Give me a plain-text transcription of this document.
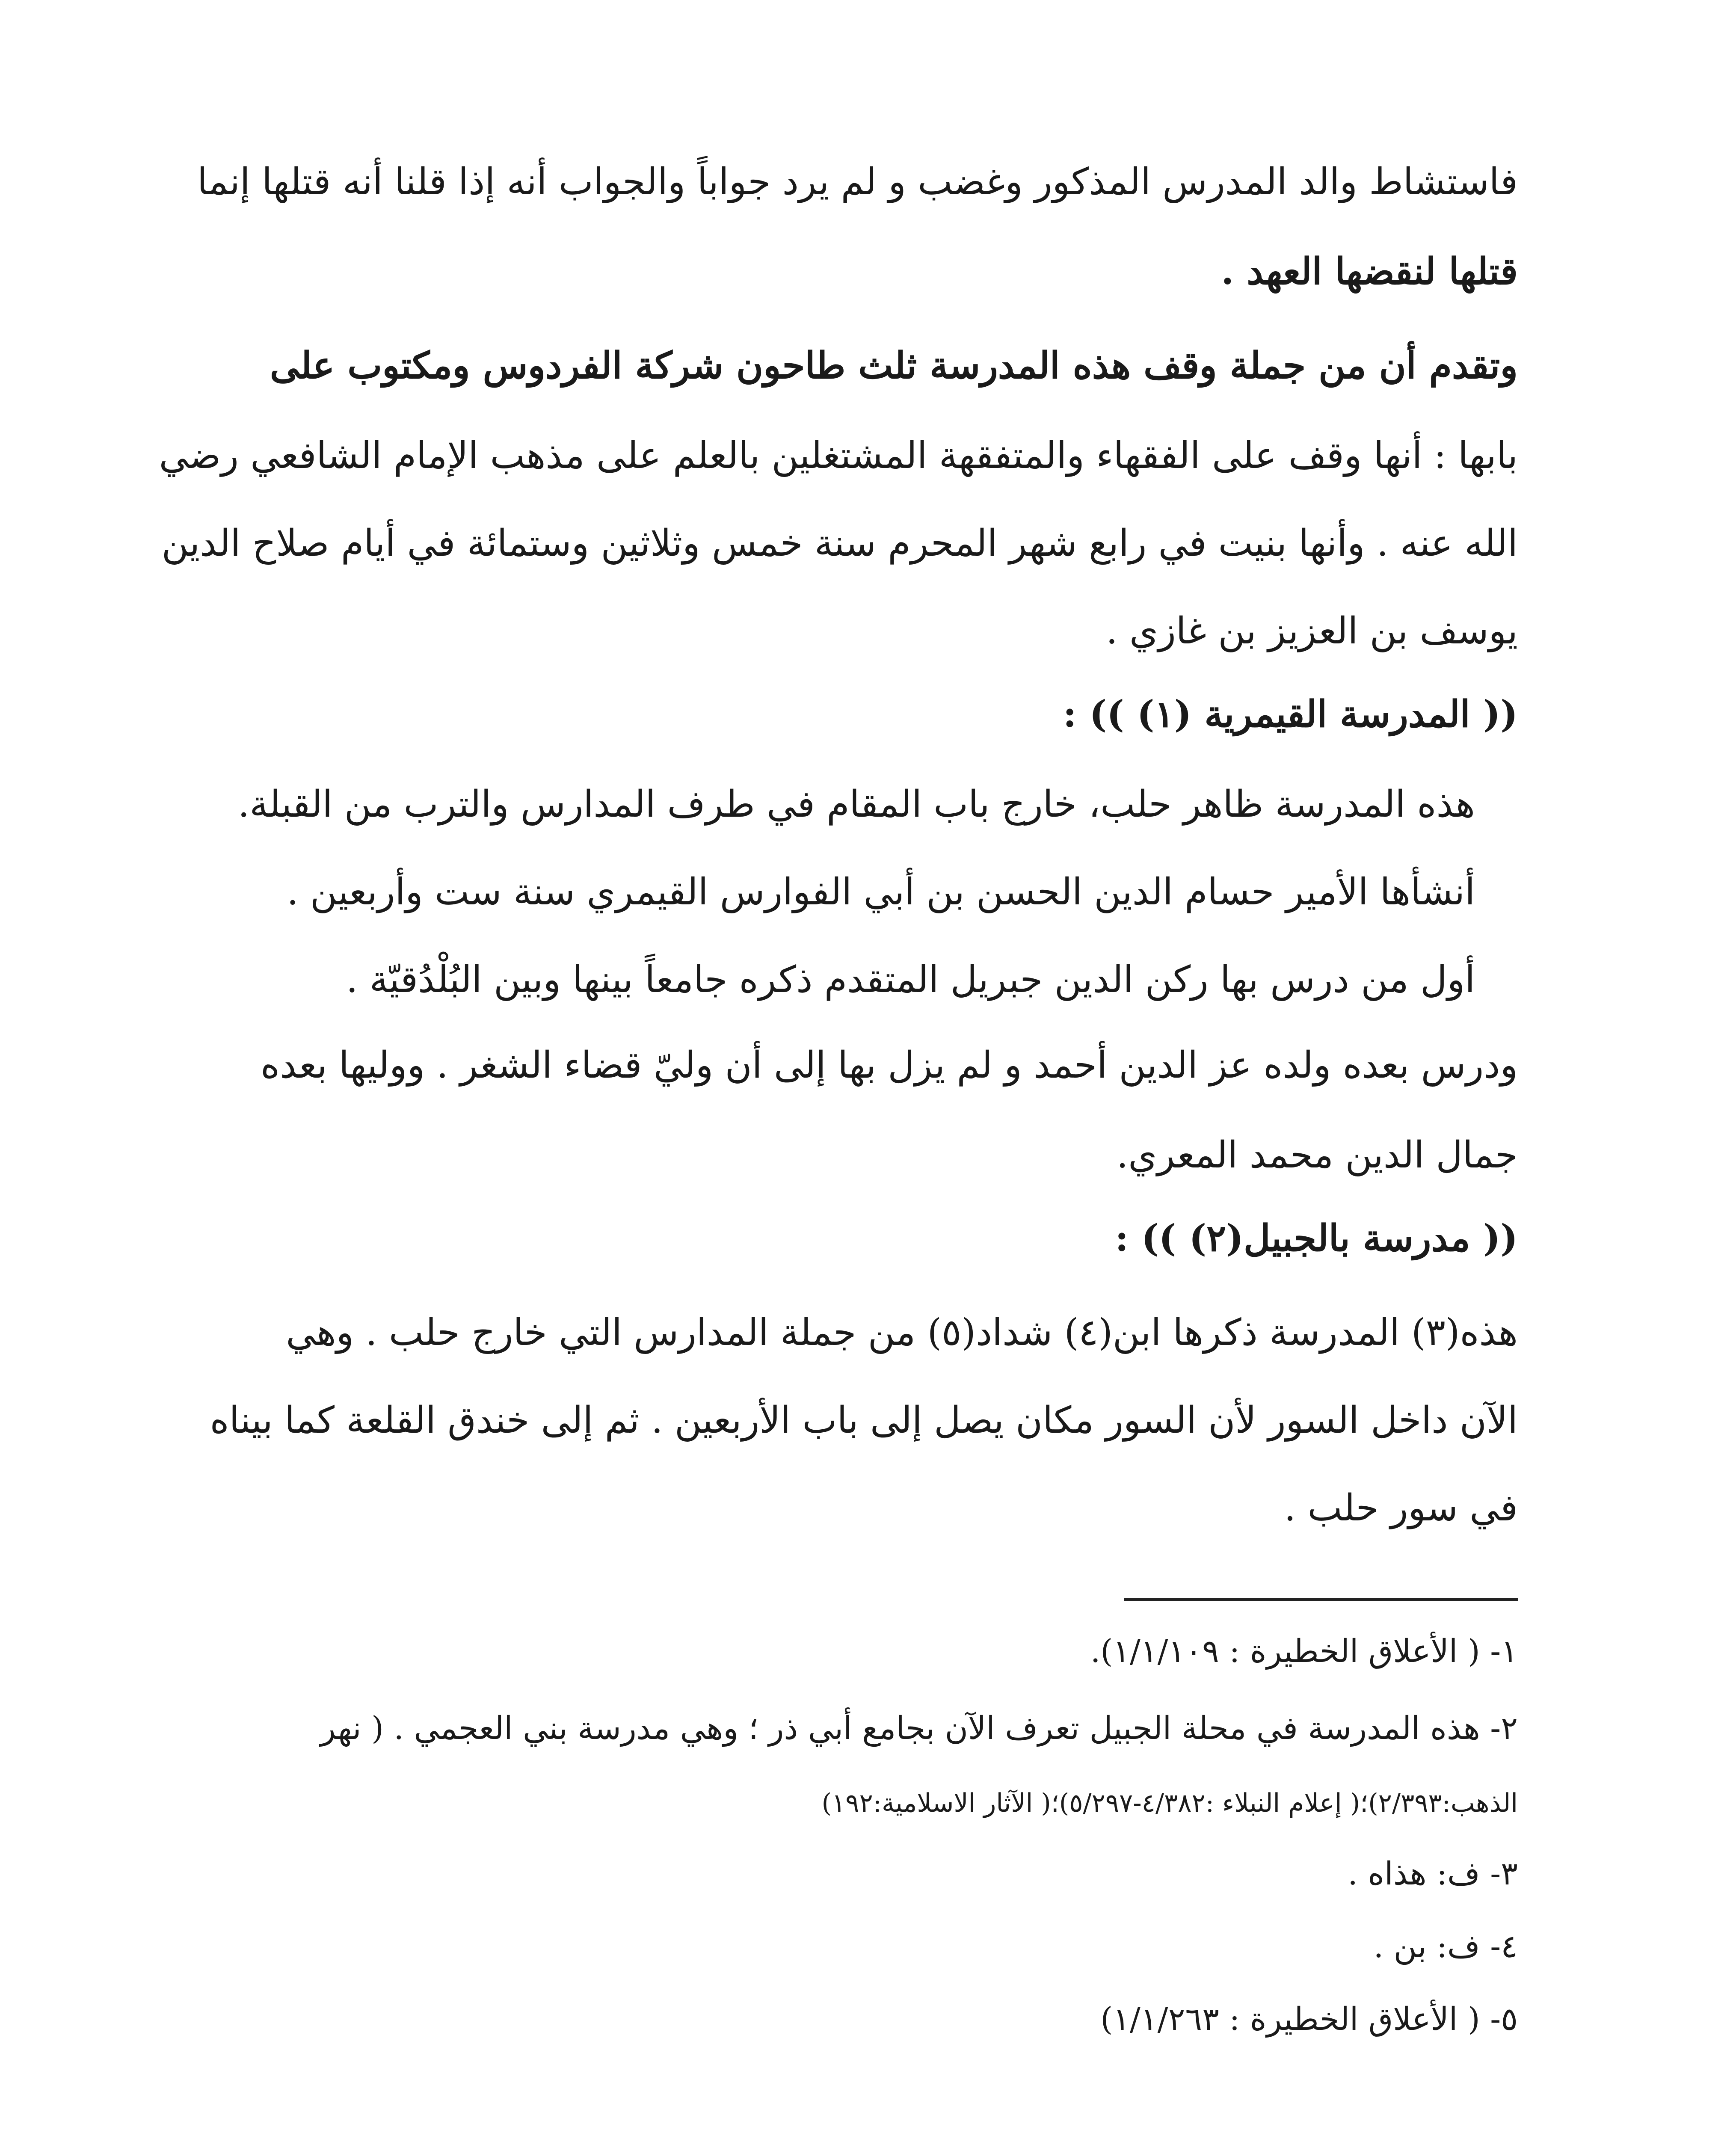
فاستشاط والد المدرس المذكور وغضب و لم يرد جواباً والجواب أنه إذا قلنا أنه قتلها إنما
قتلها لنقضها العهد .
وتقدم أن من جملة وقف هذه المدرسة ثلث طاحون شركة الفردوس ومكتوب على
بابها : أنها وقف على الفقهاء والمتفقهة المشتغلين بالعلم على مذهب الإمام الشافعي رضي
الله عنه . وأنها بنيت في رابع شهر المحرم سنة خمس وثلاثين وستمائة في أيام صلاح الدين
يوسف بن العزيز بن غازي .
(( المدرسة القيمرية (١) )) :
هذه المدرسة ظاهر حلب، خارج باب المقام في طرف المدارس والترب من القبلة.
أنشأها الأمير حسام الدين الحسن بن أبي الفوارس القيمري سنة ست وأربعين .
أول من درس بها ركن الدين جبريل المتقدم ذكره جامعاً بينها وبين البُلْدُقيّة .
ودرس بعده ولده عز الدين أحمد و لم يزل بها إلى أن وليّ قضاء الشغر . ووليها بعده
جمال الدين محمد المعري.
(( مدرسة بالجبيل(٢) )) :
هذه(٣) المدرسة ذكرها ابن(٤) شداد(٥) من جملة المدارس التي خارج حلب . وهي
الآن داخل السور لأن السور مكان يصل إلى باب الأربعين . ثم إلى خندق القلعة كما بيناه
في سور حلب .
١- ( الأعلاق الخطيرة : ١/١/١٠٩).
٢- هذه المدرسة في محلة الجبيل تعرف الآن بجامع أبي ذر ؛ وهي مدرسة بني العجمي . ( نهر
الذهب:٢/٣٩٣)؛( إعلام النبلاء :٤/٣٨٢-٥/٢٩٧)؛( الآثار الاسلامية:١٩٢)
٣- ف: هذاه .
٤- ف: بن .
٥- ( الأعلاق الخطيرة : ١/١/٢٦٣)
